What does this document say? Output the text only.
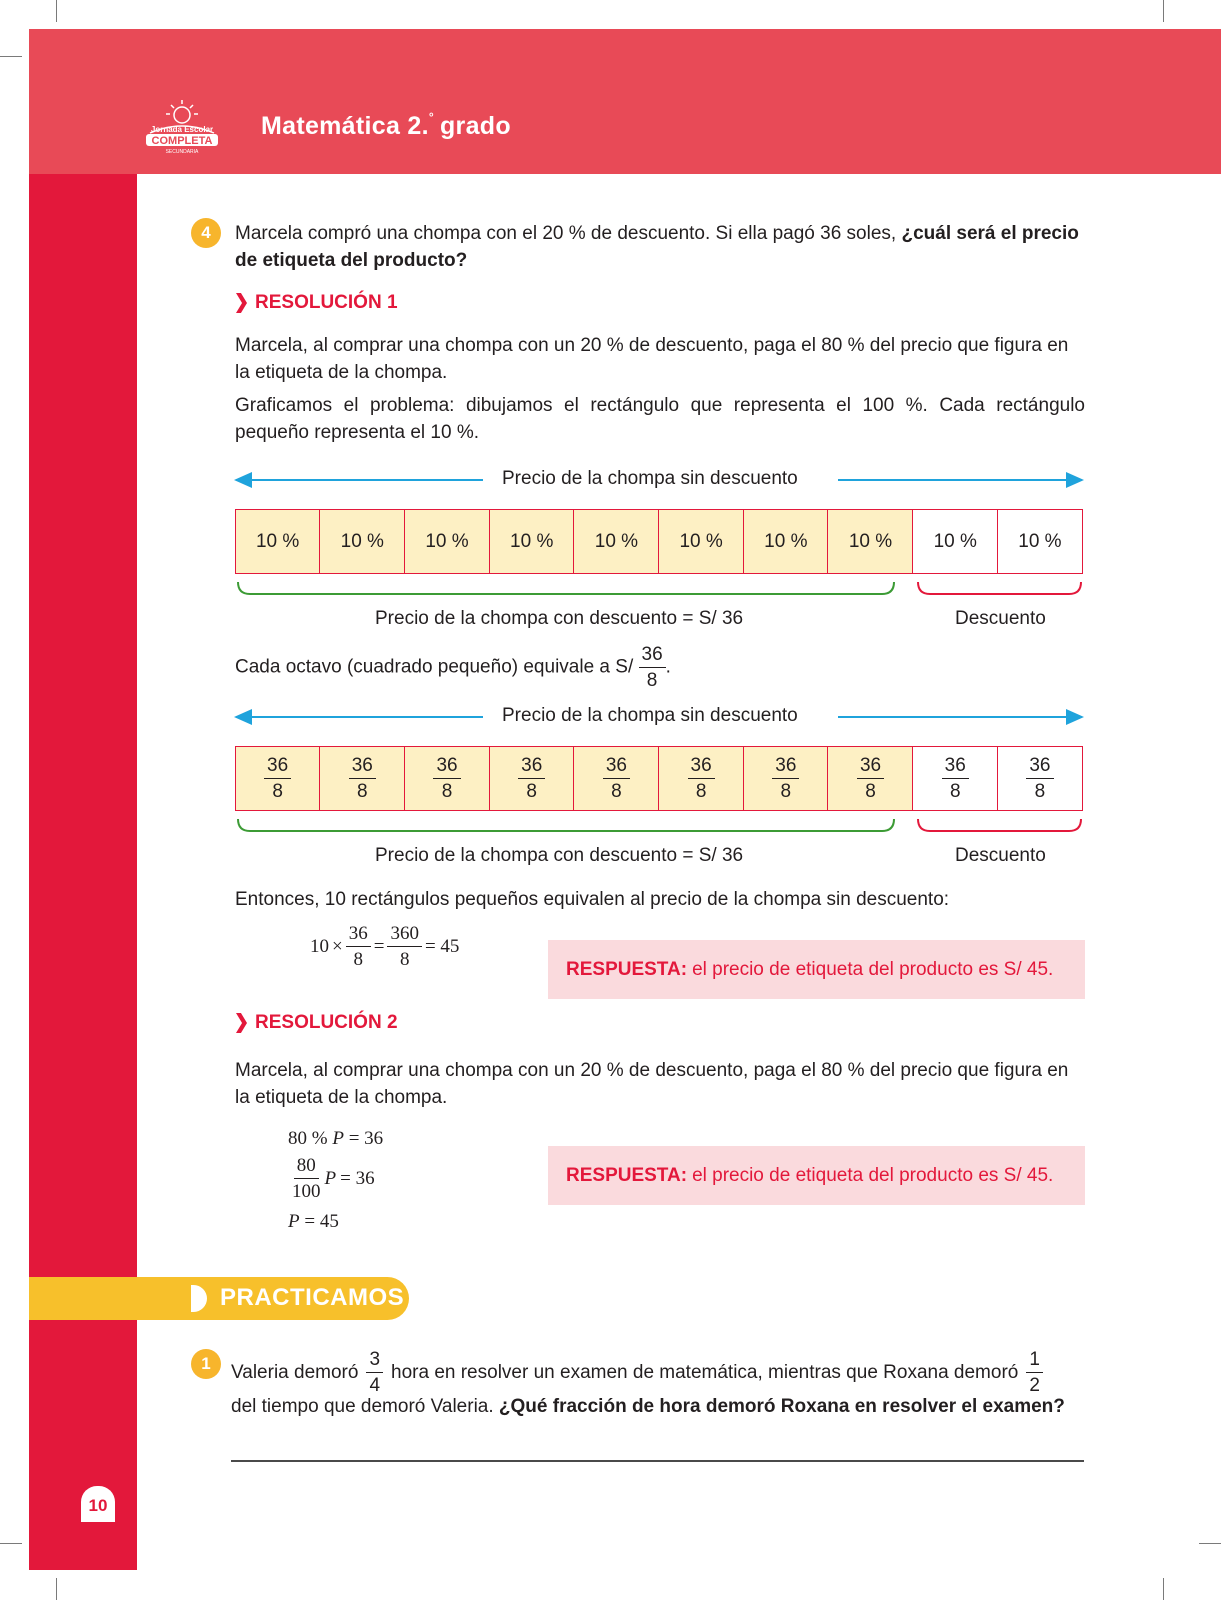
Jornada Escolar
COMPLETA
SECUNDARIA
Matemática 2.° grado
4	Marcela compró una chompa con el 20 % de descuento. Si ella pagó 36 soles, ¿cuál será el precio de etiqueta del producto?
RESOLUCIÓN 1
Marcela, al comprar una chompa con un 20 % de descuento, paga el 80 % del precio que figura en la etiqueta de la chompa.
Graficamos el problema: dibujamos el rectángulo que representa el 100 %. Cada rectángulo pequeño representa el 10 %.
Precio de la chompa sin descuento
10 %	10 %	10 %	10 %	10 %	10 %	10 %	10 %	10 %	10 %
Precio de la chompa con descuento = S/ 36	Descuento
Cada octavo (cuadrado pequeño) equivale a $S/ \frac{36}{8}$ .
Precio de la chompa sin descuento
$\frac{36}{8}$	$\frac{36}{8}$	$\frac{36}{8}$	$\frac{36}{8}$	$\frac{36}{8}$	$\frac{36}{8}$	$\frac{36}{8}$	$\frac{36}{8}$	$\frac{36}{8}$	$\frac{36}{8}$
Precio de la chompa con descuento = S/ 36	Descuento
Entonces, 10 rectángulos pequeños equivalen al precio de la chompa sin descuento:
$10 \times \frac{36}{8} = \frac{360}{8} = 45$
RESPUESTA: el precio de etiqueta del producto es S/ 45.
RESOLUCIÓN 2
Marcela, al comprar una chompa con un 20 % de descuento, paga el 80 % del precio que figura en la etiqueta de la chompa.
80 % P = 36
$\frac{80}{100}$ P = 36
P = 45
RESPUESTA: el precio de etiqueta del producto es S/ 45.
PRACTICAMOS
1	Valeria demoró $\frac{3}{4}$ hora en resolver un examen de matemática, mientras que Roxana demoró $\frac{1}{2}$
del tiempo que demoró Valeria. ¿Qué fracción de hora demoró Roxana en resolver el examen?
10
